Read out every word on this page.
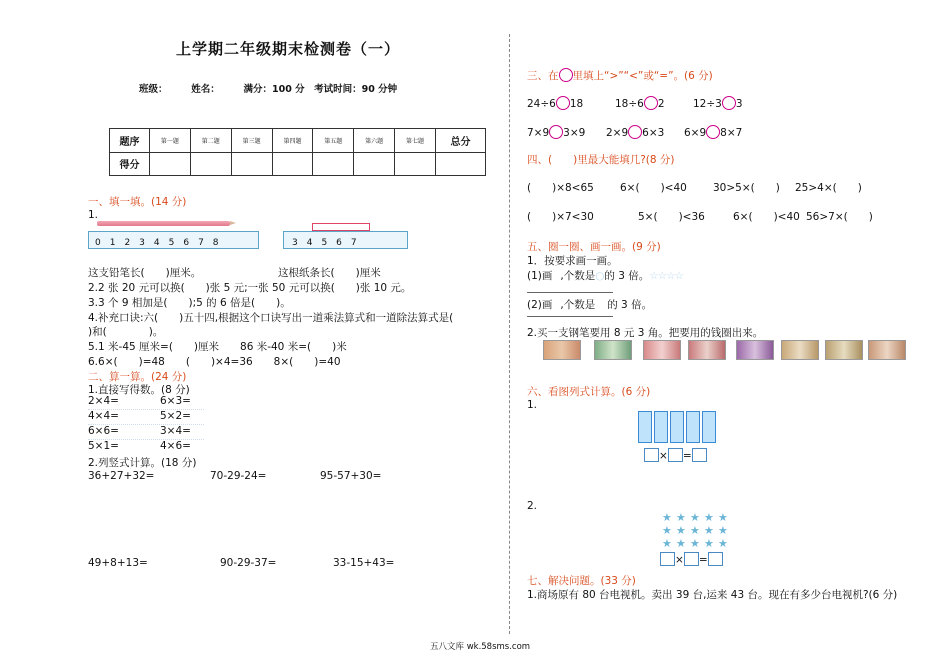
上学期二年级期末检测卷（一）
班级：　　　姓名：　　　满分：100 分　考试时间：90 分钟
题序	第一题	第二题	第三题	第四题	第五题	第六题	第七题	总分
得分								
一、填一填。(14 分)
1.
0　1　2　3　4　5　6　7　8	3　4　5　6　7
这支铅笔长(　　)厘米。	这根纸条长(　　)厘米
2.2 张 20 元可以换(　　)张 5 元;一张 50 元可以换(　　)张 10 元。
3.3 个 9 相加是(　　);5 的 6 倍是(　　)。
4.补充口诀:六(　　)五十四,根据这个口诀写出一道乘法算式和一道除法算式是(
)和(　　　　)。
5.1 米-45 厘米=(　　)厘米　　86 米-40 米=(　　)米
6.6×(　　)=48　　(　　)×4=36　　8×(　　)=40
二、算一算。(24 分)
1.直接写得数。(8 分)
2×4=	6×3=
4×4=	5×2=
6×6=	3×4=
5×1=	4×6=
2.列竖式计算。(18 分)
36+27+32=	70-29-24=	95-57+30=
49+8+13=	90-29-37=	33-15+43=
三、在 里填上“>”“<”或“=”。(6 分)
24÷6 18	18÷6 2	12÷3 3
7×9 3×9 2×9 6×3 6×9 8×7
四、(　　)里最大能填几?(8 分)
(　　)×8<65 6×(　　)<40 30>5×(　　) 25>4×(　　)
(　　)×7<30	5×(　　)<36	6×(　　)<40 56>7×(　　)
五、圈一圈、画一画。(9 分)
1．按要求画一画。
(1)画 ,个数是○的 3 倍。☆☆☆☆
(2)画 ,个数是 的 3 倍。
2.买一支钢笔要用 8 元 3 角。把要用的钱圈出来。
六、看图列式计算。(6 分)
1.
× =
2.
★ ★ ★ ★ ★
★ ★ ★ ★ ★
★ ★ ★ ★ ★
× =
七、解决问题。(33 分)
1.商场原有 80 台电视机。卖出 39 台,运来 43 台。现在有多少台电视机?(6 分)
五八文库 wk.58sms.com
